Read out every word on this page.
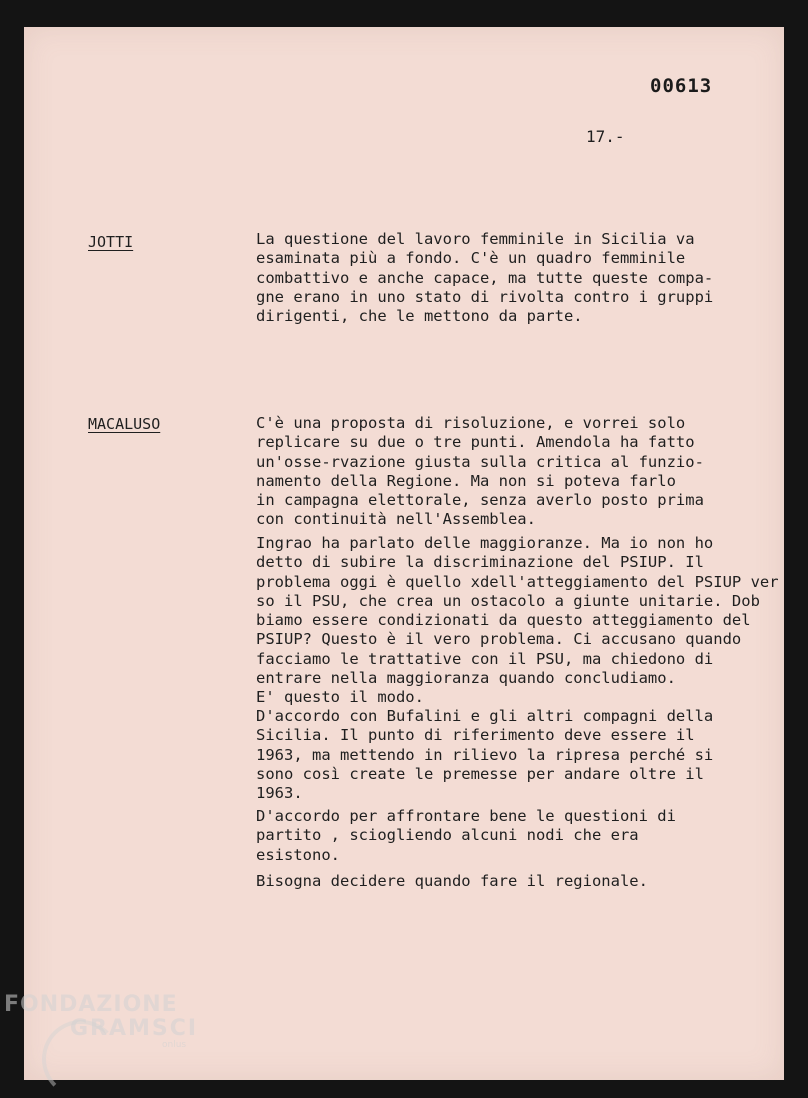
00613
17.-
JOTTI	La questione del lavoro femminile in Sicilia va
esaminata più a fondo. C'è un quadro femminile
combattivo e anche capace, ma tutte queste compa-
gne erano in uno stato di rivolta contro i gruppi
dirigenti, che le mettono da parte.

MACALUSO	C'è una proposta di risoluzione, e vorrei solo
replicare su due o tre punti. Amendola ha fatto
un'osse-rvazione giusta sulla critica al funzio-
namento della Regione. Ma non si poteva farlo
in campagna elettorale, senza averlo posto prima
con continuità nell'Assemblea.

Ingrao ha parlato delle maggioranze. Ma io non ho
detto di subire la discriminazione del PSIUP. Il
problema oggi è quello xdell'atteggiamento del PSIUP ver
so il PSU, che crea un ostacolo a giunte unitarie. Dob
biamo essere condizionati da questo atteggiamento del
PSIUP? Questo è il vero problema. Ci accusano quando
facciamo le trattative con il PSU, ma chiedono di
entrare nella maggioranza quando concludiamo.
E' questo il modo.

D'accordo con Bufalini e gli altri compagni della
Sicilia. Il punto di riferimento deve essere il
1963, ma mettendo in rilievo la ripresa perché si
sono così create le premesse per andare oltre il
1963.

D'accordo per affrontare bene le questioni di
partito , sciogliendo alcuni nodi che era
esistono.

Bisogna decidere quando fare il regionale.

FONDAZIONE
GRAMSCI
onlus
